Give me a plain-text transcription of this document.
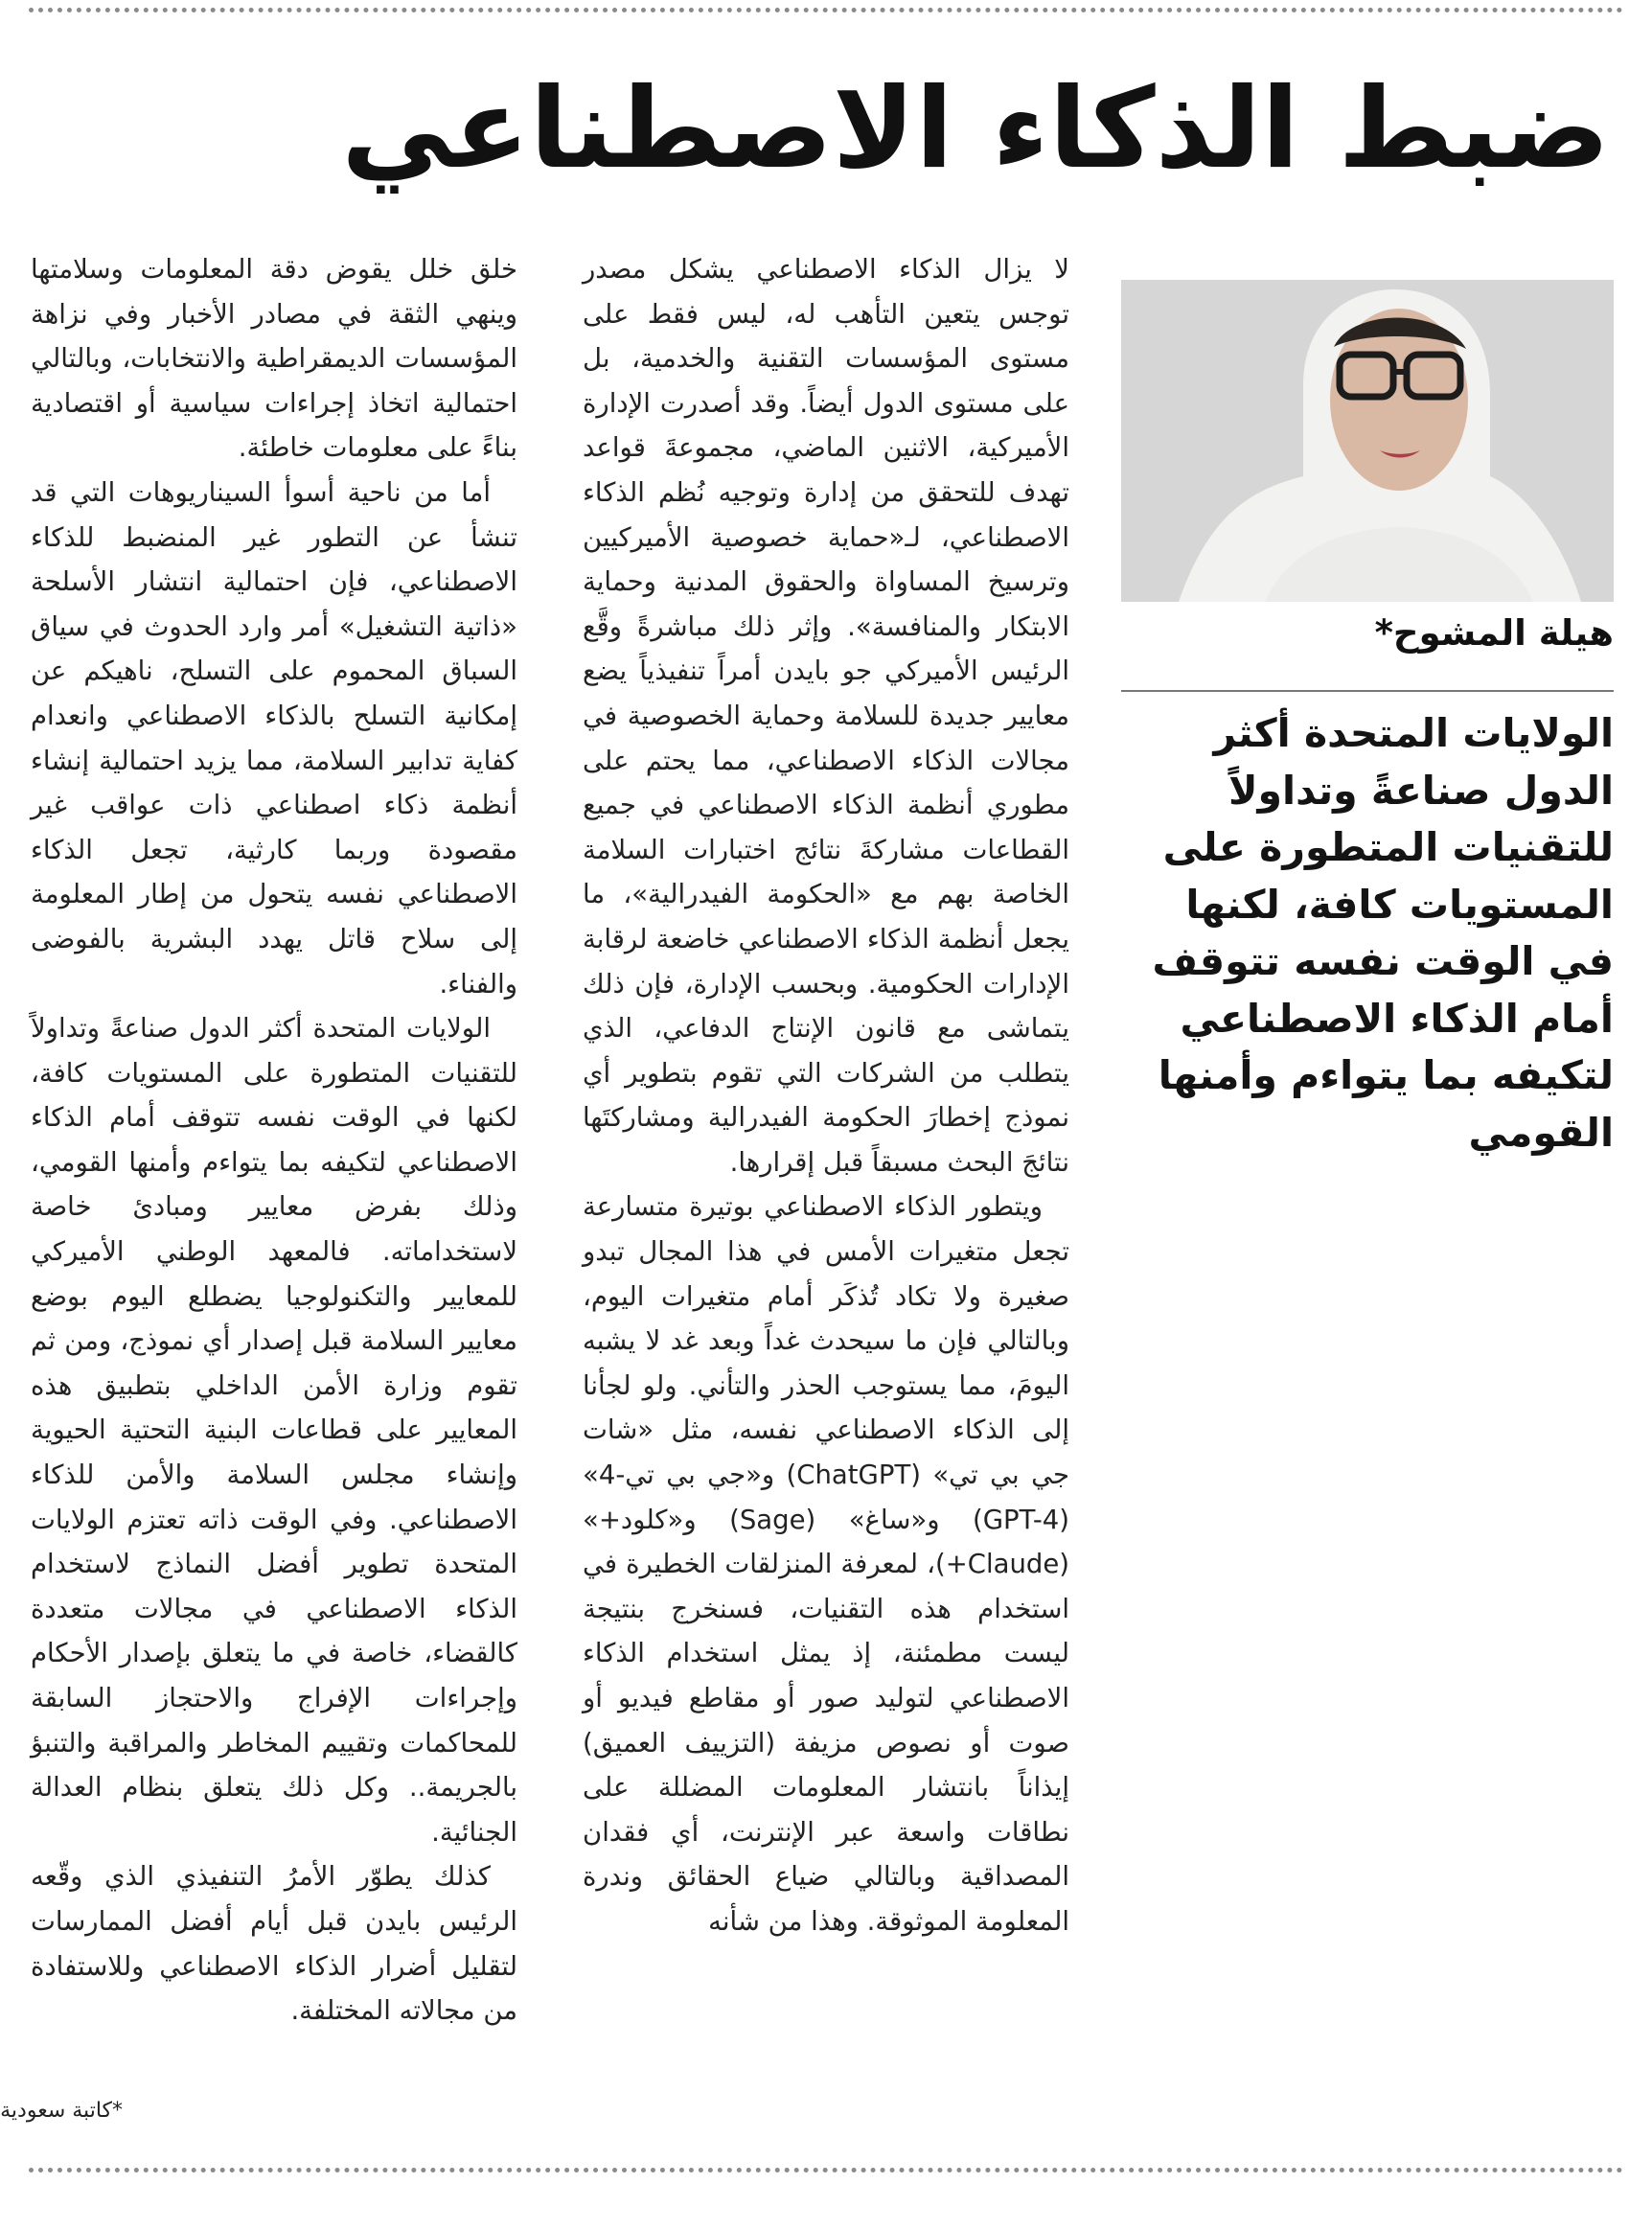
ضبط الذكاء الاصطناعي
هيلة المشوح*

الولايات المتحدة أكثر الدول صناعةً وتداولاً للتقنيات المتطورة على المستويات كافة، لكنها في الوقت نفسه تتوقف أمام الذكاء الاصطناعي لتكيفه بما يتواءم وأمنها القومي

لا يزال الذكاء الاصطناعي يشكل مصدر توجس يتعين التأهب له، ليس فقط على مستوى المؤسسات التقنية والخدمية، بل على مستوى الدول أيضاً. وقد أصدرت الإدارة الأميركية، الاثنين الماضي، مجموعةَ قواعد تهدف للتحقق من إدارة وتوجيه نُظم الذكاء الاصطناعي، لـ«حماية خصوصية الأميركيين وترسيخ المساواة والحقوق المدنية وحماية الابتكار والمنافسة». وإثر ذلك مباشرةً وقَّع الرئيس الأميركي جو بايدن أمراً تنفيذياً يضع معايير جديدة للسلامة وحماية الخصوصية في مجالات الذكاء الاصطناعي، مما يحتم على مطوري أنظمة الذكاء الاصطناعي في جميع القطاعات مشاركةَ نتائج اختبارات السلامة الخاصة بهم مع «الحكومة الفيدرالية»، ما يجعل أنظمة الذكاء الاصطناعي خاضعة لرقابة الإدارات الحكومية. وبحسب الإدارة، فإن ذلك يتماشى مع قانون الإنتاج الدفاعي، الذي يتطلب من الشركات التي تقوم بتطوير أي نموذج إخطارَ الحكومة الفيدرالية ومشاركتَها نتائجَ البحث مسبقاً قبل إقرارها.

ويتطور الذكاء الاصطناعي بوتيرة متسارعة تجعل متغيرات الأمس في هذا المجال تبدو صغيرة ولا تكاد تُذكَر أمام متغيرات اليوم، وبالتالي فإن ما سيحدث غداً وبعد غد لا يشبه اليومَ، مما يستوجب الحذر والتأني. ولو لجأنا إلى الذكاء الاصطناعي نفسه، مثل «شات جي بي تي» (ChatGPT) و«جي بي تي-4» (GPT-4) و«ساغ» (Sage) و«كلود+» (Claude+)، لمعرفة المنزلقات الخطيرة في استخدام هذه التقنيات، فسنخرج بنتيجة ليست مطمئنة، إذ يمثل استخدام الذكاء الاصطناعي لتوليد صور أو مقاطع فيديو أو صوت أو نصوص مزيفة (التزييف العميق) إيذاناً بانتشار المعلومات المضللة على نطاقات واسعة عبر الإنترنت، أي فقدان المصداقية وبالتالي ضياع الحقائق وندرة المعلومة الموثوقة. وهذا من شأنه

خلق خلل يقوض دقة المعلومات وسلامتها وينهي الثقة في مصادر الأخبار وفي نزاهة المؤسسات الديمقراطية والانتخابات، وبالتالي احتمالية اتخاذ إجراءات سياسية أو اقتصادية بناءً على معلومات خاطئة.

أما من ناحية أسوأ السيناريوهات التي قد تنشأ عن التطور غير المنضبط للذكاء الاصطناعي، فإن احتمالية انتشار الأسلحة «ذاتية التشغيل» أمر وارد الحدوث في سياق السباق المحموم على التسلح، ناهيكم عن إمكانية التسلح بالذكاء الاصطناعي وانعدام كفاية تدابير السلامة، مما يزيد احتمالية إنشاء أنظمة ذكاء اصطناعي ذات عواقب غير مقصودة وربما كارثية، تجعل الذكاء الاصطناعي نفسه يتحول من إطار المعلومة إلى سلاح قاتل يهدد البشرية بالفوضى والفناء.

الولايات المتحدة أكثر الدول صناعةً وتداولاً للتقنيات المتطورة على المستويات كافة، لكنها في الوقت نفسه تتوقف أمام الذكاء الاصطناعي لتكيفه بما يتواءم وأمنها القومي، وذلك بفرض معايير ومبادئ خاصة لاستخداماته. فالمعهد الوطني الأميركي للمعايير والتكنولوجيا يضطلع اليوم بوضع معايير السلامة قبل إصدار أي نموذج، ومن ثم تقوم وزارة الأمن الداخلي بتطبيق هذه المعايير على قطاعات البنية التحتية الحيوية وإنشاء مجلس السلامة والأمن للذكاء الاصطناعي. وفي الوقت ذاته تعتزم الولايات المتحدة تطوير أفضل النماذج لاستخدام الذكاء الاصطناعي في مجالات متعددة كالقضاء، خاصة في ما يتعلق بإصدار الأحكام وإجراءات الإفراج والاحتجاز السابقة للمحاكمات وتقييم المخاطر والمراقبة والتنبؤ بالجريمة.. وكل ذلك يتعلق بنظام العدالة الجنائية.

كذلك يطوّر الأمرُ التنفيذي الذي وقّعه الرئيس بايدن قبل أيام أفضل الممارسات لتقليل أضرار الذكاء الاصطناعي وللاستفادة من مجالاته المختلفة.

*كاتبة سعودية
